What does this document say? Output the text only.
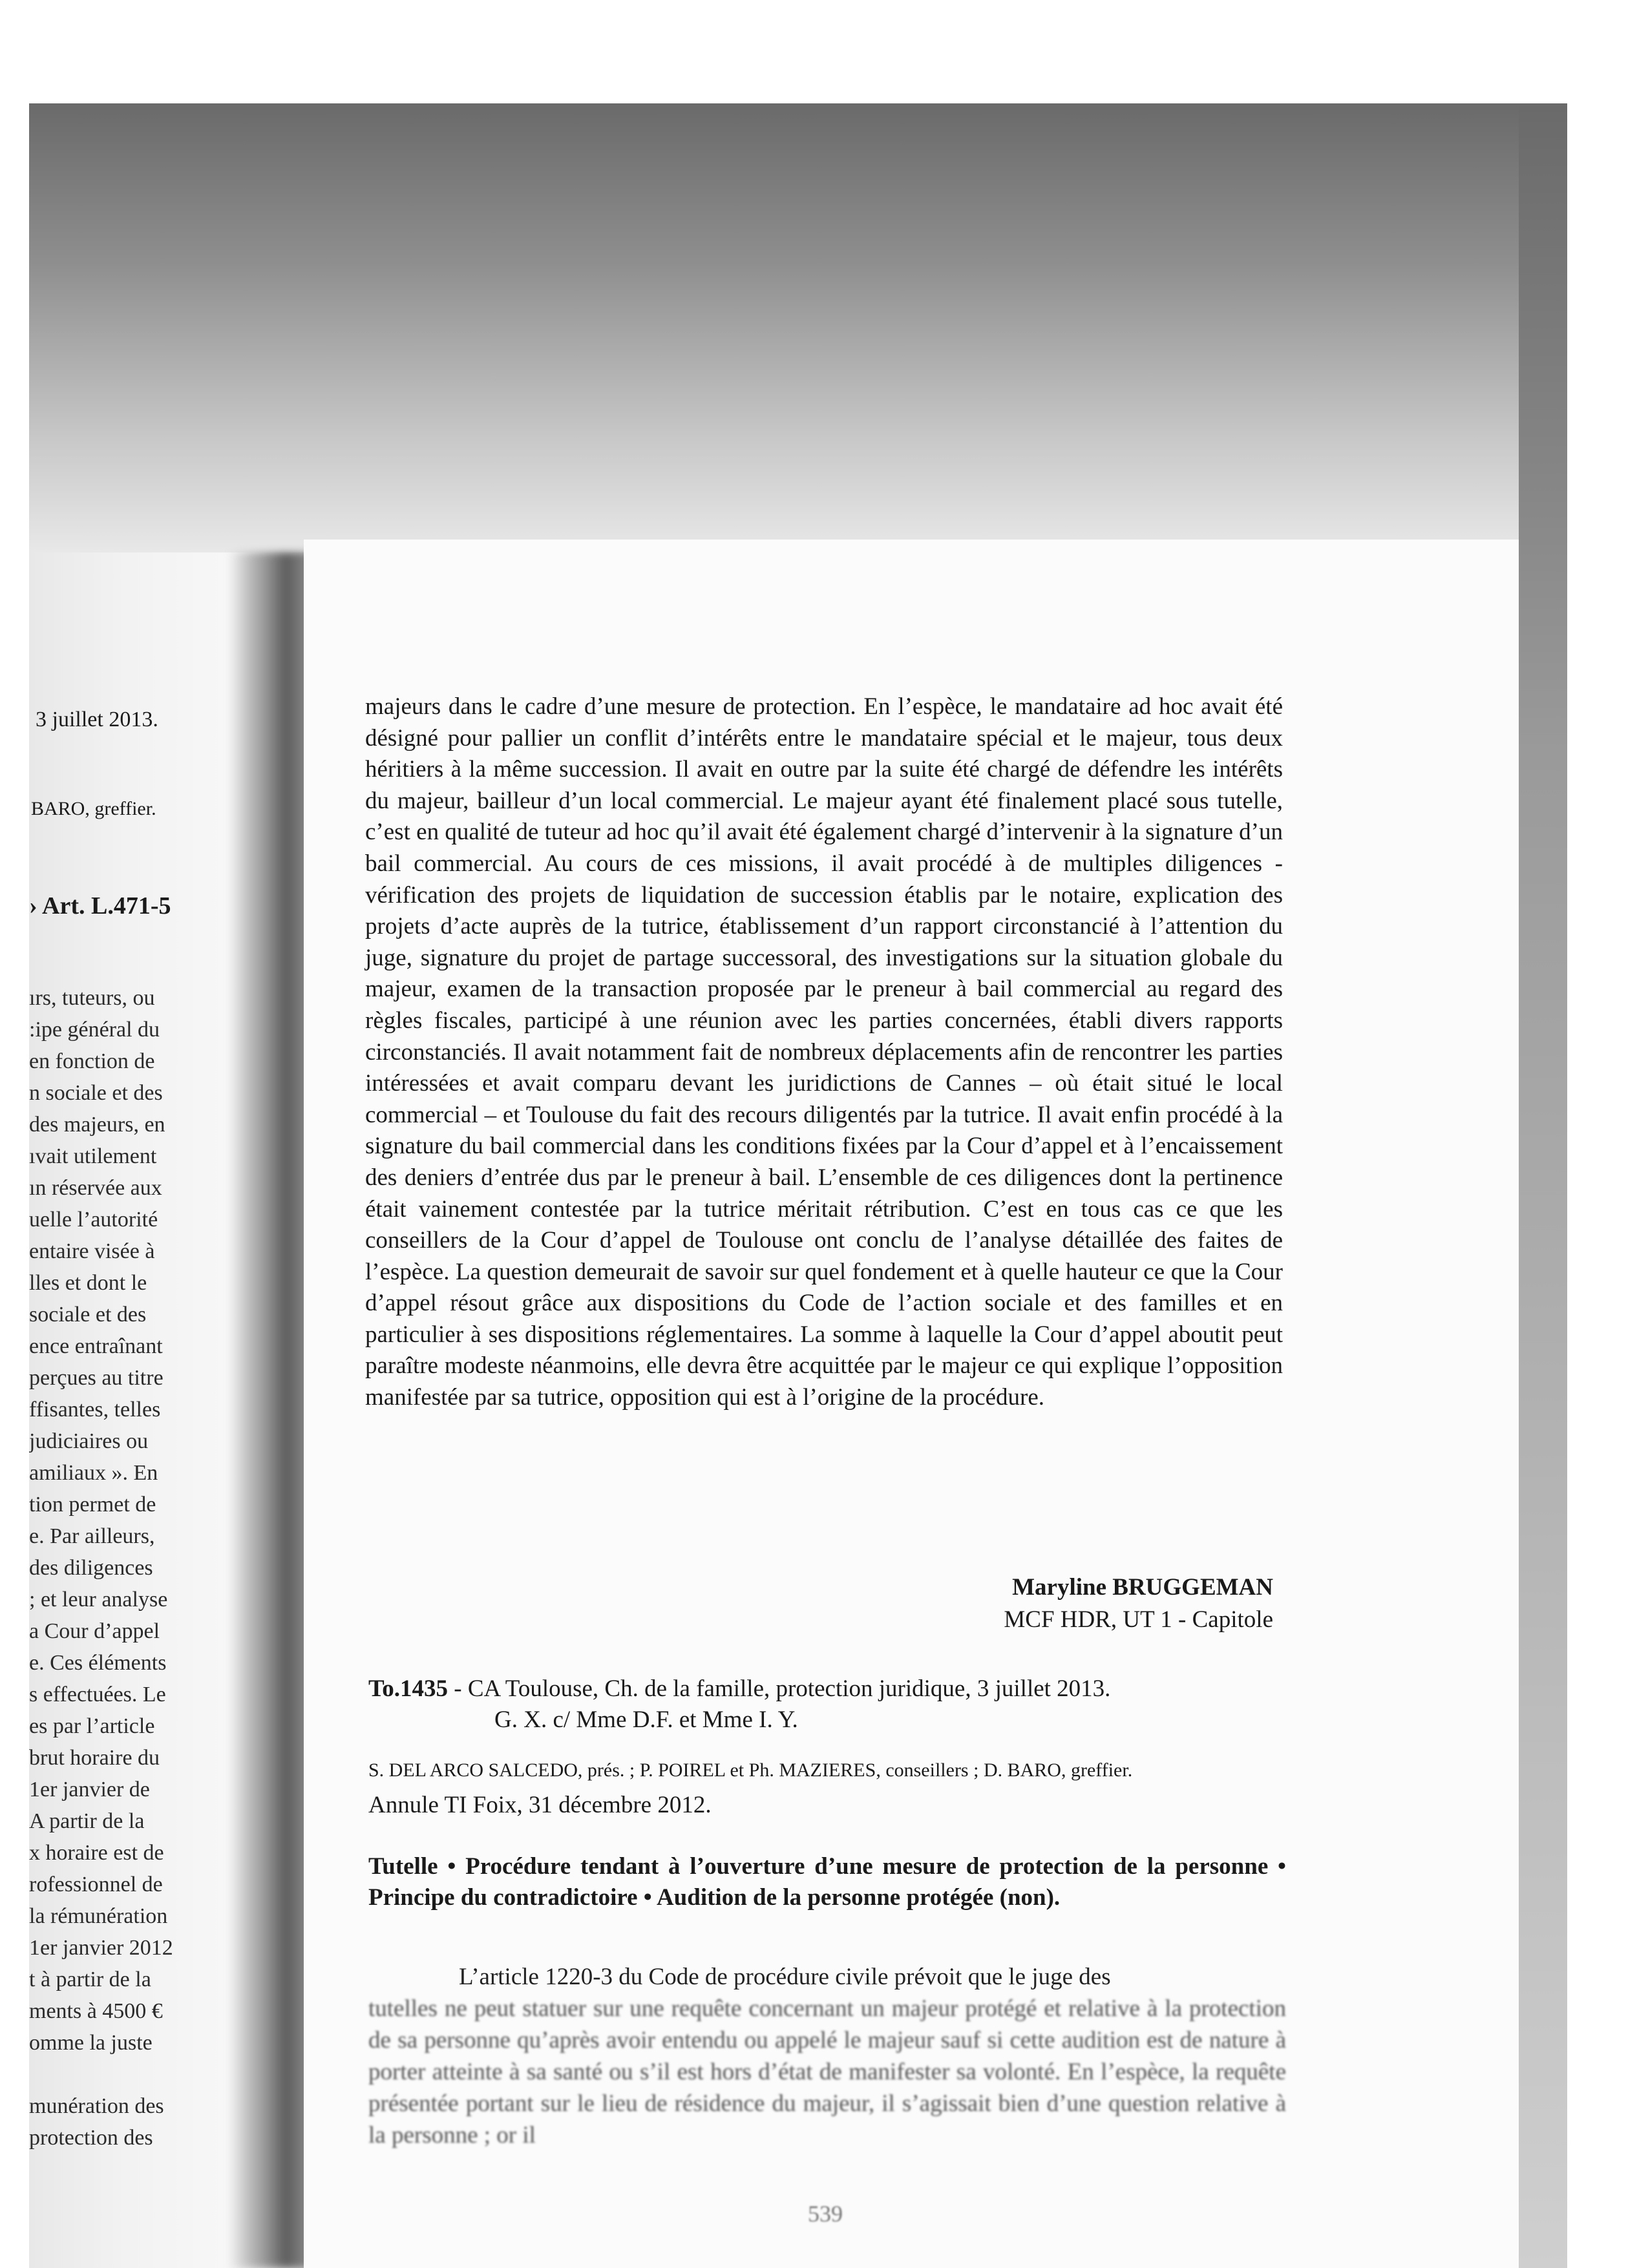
3 juillet 2013.
BARO, greffier.
› Art. L.471-5
ırs, tuteurs, ou
:ipe général du
en fonction de
n sociale et des
des majeurs, en
ıvait utilement
ın réservée aux
uelle l’autorité
entaire visée à
lles et dont le
sociale et des
ence entraînant
perçues au titre
ffisantes, telles
judiciaires ou
amiliaux ». En
tion permet de
e. Par ailleurs,
des diligences
; et leur analyse
a Cour d’appel
e. Ces éléments
s effectuées. Le
es par l’article
brut horaire du
1er janvier de
A partir de la
x horaire est de
rofessionnel de
la rémunération
1er janvier 2012
t à partir de la
ments à 4500 €
omme la juste
munération des
protection des

majeurs dans le cadre d’une mesure de protection. En l’espèce, le mandataire ad hoc avait été désigné pour pallier un conflit d’intérêts entre le mandataire spécial et le majeur, tous deux héritiers à la même succession. Il avait en outre par la suite été chargé de défendre les intérêts du majeur, bailleur d’un local commercial. Le majeur ayant été finalement placé sous tutelle, c’est en qualité de tuteur ad hoc qu’il avait été également chargé d’intervenir à la signature d’un bail commercial. Au cours de ces missions, il avait procédé à de multiples diligences - vérification des projets de liquidation de succession établis par le notaire, explication des projets d’acte auprès de la tutrice, établissement d’un rapport circonstancié à l’attention du juge, signature du projet de partage successoral, des investigations sur la situation globale du majeur, examen de la transaction proposée par le preneur à bail commercial au regard des règles fiscales, participé à une réunion avec les parties concernées, établi divers rapports circonstanciés. Il avait notamment fait de nombreux déplacements afin de rencontrer les parties intéressées et avait comparu devant les juridictions de Cannes – où était situé le local commercial – et Toulouse du fait des recours diligentés par la tutrice. Il avait enfin procédé à la signature du bail commercial dans les conditions fixées par la Cour d’appel et à l’encaissement des deniers d’entrée dus par le preneur à bail. L’ensemble de ces diligences dont la pertinence était vainement contestée par la tutrice méritait rétribution. C’est en tous cas ce que les conseillers de la Cour d’appel de Toulouse ont conclu de l’analyse détaillée des faites de l’espèce. La question demeurait de savoir sur quel fondement et à quelle hauteur ce que la Cour d’appel résout grâce aux dispositions du Code de l’action sociale et des familles et en particulier à ses dispositions réglementaires. La somme à laquelle la Cour d’appel aboutit peut paraître modeste néanmoins, elle devra être acquittée par le majeur ce qui explique l’opposition manifestée par sa tutrice, opposition qui est à l’origine de la procédure.

Maryline BRUGGEMAN
MCF HDR, UT 1 - Capitole
To.1435 - CA Toulouse, Ch. de la famille, protection juridique, 3 juillet 2013.
G. X. c/ Mme D.F. et Mme I. Y.
S. DEL ARCO SALCEDO, prés. ; P. POIREL et Ph. MAZIERES, conseillers ; D. BARO, greffier.
Annule TI Foix, 31 décembre 2012.
Tutelle • Procédure tendant à l’ouverture d’une mesure de protection de la personne • Principe du contradictoire • Audition de la personne protégée (non).
L’article 1220-3 du Code de procédure civile prévoit que le juge des
tutelles ne peut statuer sur une requête concernant un majeur protégé et relative à la protection de sa personne qu’après avoir entendu ou appelé le majeur sauf si cette audition est de nature à porter atteinte à sa santé ou s’il est hors d’état de manifester sa volonté. En l’espèce, la requête présentée portant sur le lieu de résidence du majeur, il s’agissait bien d’une question relative à la personne ; or il
539
